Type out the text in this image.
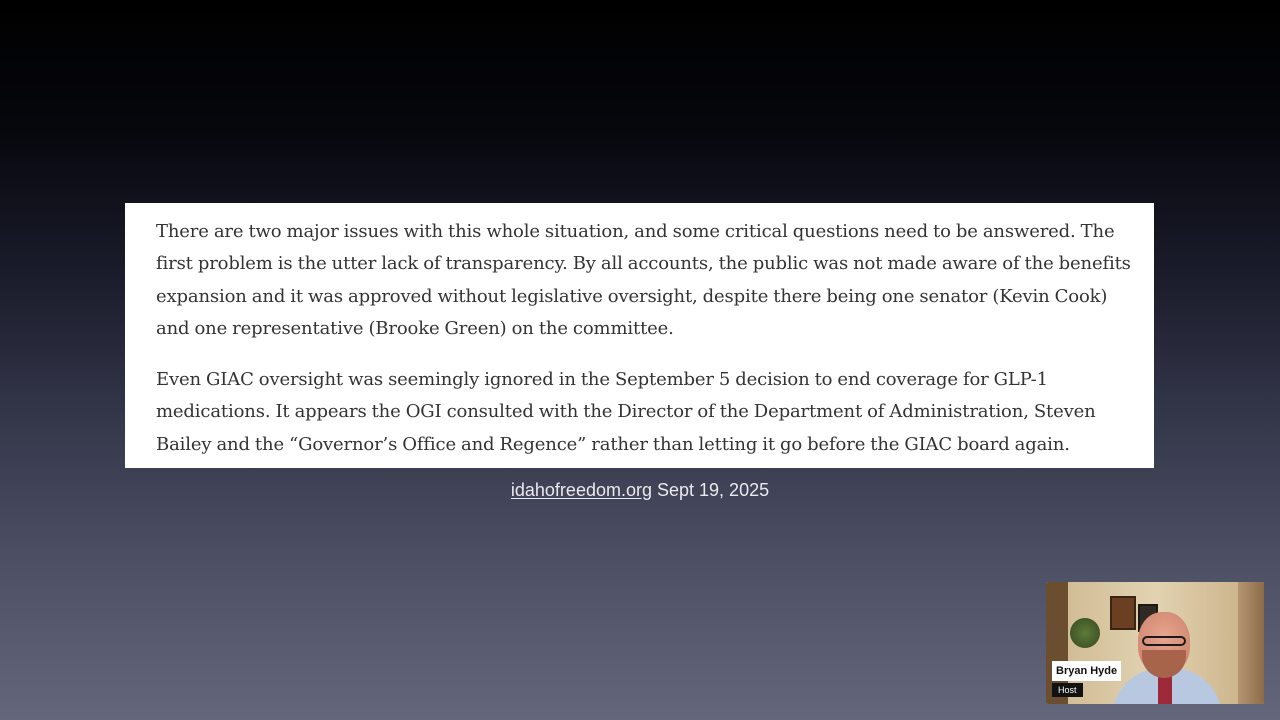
There are two major issues with this whole situation, and some critical questions need to be answered. The first problem is the utter lack of transparency. By all accounts, the public was not made aware of the benefits expansion and it was approved without legislative oversight, despite there being one senator (Kevin Cook) and one representative (Brooke Green) on the committee.

Even GIAC oversight was seemingly ignored in the September 5 decision to end coverage for GLP-1 medications. It appears the OGI consulted with the Director of the Department of Administration, Steven Bailey and the “Governor’s Office and Regence” rather than letting it go before the GIAC board again.

idahofreedom.org Sept 19, 2025
Bryan Hyde
Host
